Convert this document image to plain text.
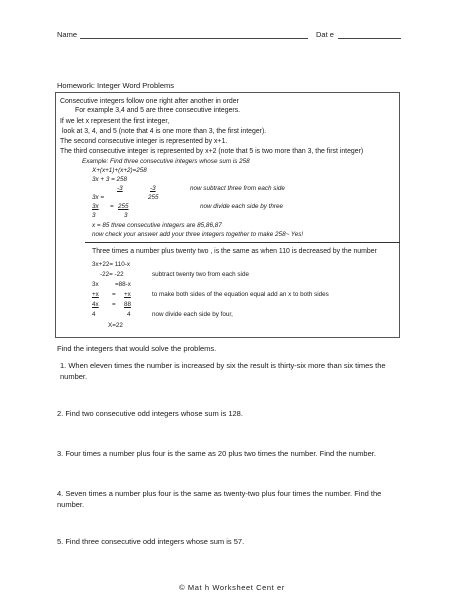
Name	Dat e
Homework: Integer Word Problems
Consecutive integers follow one right after another in order
For example 3,4 and 5 are three consecutive integers.
If we let x represent the first integer,
look at 3, 4, and 5 (note that 4 is one more than 3, the first integer).
The second consecutive integer is represented by x+1.
The third consecutive integer is represented by x+2 (note that 5 is two more than 3, the first integer)
Example: Find three consecutive integers whose sum is 258
X+(x+1)+(x+2)=258
3x + 3 = 258
-3	-3	now subtract three from each side
3x =	255
3x = 255	now divide each side by three
3	3
x = 85 three consecutive integers are 85,86,87
now check your answer add your three integers together to make 258~ Yes!
Three times a number plus twenty two , is the same as when 110 is decreased by the number
3x+22= 110-x
-22= -22	subtract twenty two from each side
3x	=88-x
+x = +x	to make both sides of the equation equal add an x to both sides
4x = 88
4	4	now divide each side by four,
X=22
Find the integers that would solve the problems.
1. When eleven times the number is increased by six the result is thirty-six more than six times the number.
2. Find two consecutive odd integers whose sum is 128.
3. Four times a number plus four is the same as 20 plus two times the number. Find the number.
4. Seven times a number plus four is the same as twenty-two plus four times the number. Find the number.
5. Find three consecutive odd integers whose sum is 57.
© Mat h Worksheet Cent er
